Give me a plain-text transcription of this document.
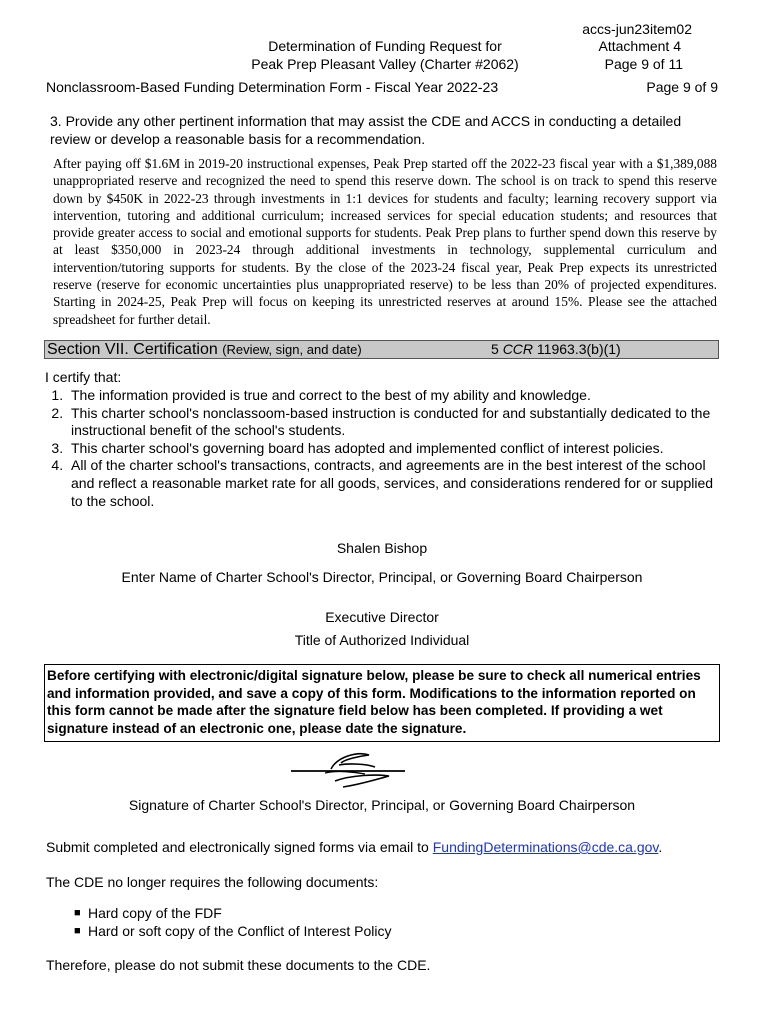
accs-jun23item02
Attachment 4
Page 9 of 11
Determination of Funding Request for
Peak Prep Pleasant Valley (Charter #2062)
Nonclassroom-Based Funding Determination Form - Fiscal Year 2022-23	Page 9 of 9
3. Provide any other pertinent information that may assist the CDE and ACCS in conducting a detailed review or develop a reasonable basis for a recommendation.
After paying off $1.6M in 2019-20 instructional expenses, Peak Prep started off the 2022-23 fiscal year with a $1,389,088 unappropriated reserve and recognized the need to spend this reserve down. The school is on track to spend this reserve down by $450K in 2022-23 through investments in 1:1 devices for students and faculty; learning recovery support via intervention, tutoring and additional curriculum; increased services for special education students; and resources that provide greater access to social and emotional supports for students. Peak Prep plans to further spend down this reserve by at least $350,000 in 2023-24 through additional investments in technology, supplemental curriculum and intervention/tutoring supports for students. By the close of the 2023-24 fiscal year, Peak Prep expects its unrestricted reserve (reserve for economic uncertainties plus unappropriated reserve) to be less than 20% of projected expenditures. Starting in 2024-25, Peak Prep will focus on keeping its unrestricted reserves at around 15%. Please see the attached spreadsheet for further detail.
Section VII. Certification (Review, sign, and date)	5 CCR 11963.3(b)(1)
I certify that:
1. The information provided is true and correct to the best of my ability and knowledge.
2. This charter school's nonclassoom-based instruction is conducted for and substantially dedicated to the instructional benefit of the school's students.
3. This charter school's governing board has adopted and implemented conflict of interest policies.
4. All of the charter school's transactions, contracts, and agreements are in the best interest of the school and reflect a reasonable market rate for all goods, services, and considerations rendered for or supplied to the school.
Shalen Bishop
Enter Name of Charter School's Director, Principal, or Governing Board Chairperson
Executive Director
Title of Authorized Individual
Before certifying with electronic/digital signature below, please be sure to check all numerical entries and information provided, and save a copy of this form. Modifications to the information reported on this form cannot be made after the signature field below has been completed. If providing a wet signature instead of an electronic one, please date the signature.
Signature of Charter School's Director, Principal, or Governing Board Chairperson
Submit completed and electronically signed forms via email to FundingDeterminations@cde.ca.gov.
The CDE no longer requires the following documents:
■ Hard copy of the FDF
■ Hard or soft copy of the Conflict of Interest Policy
Therefore, please do not submit these documents to the CDE.
